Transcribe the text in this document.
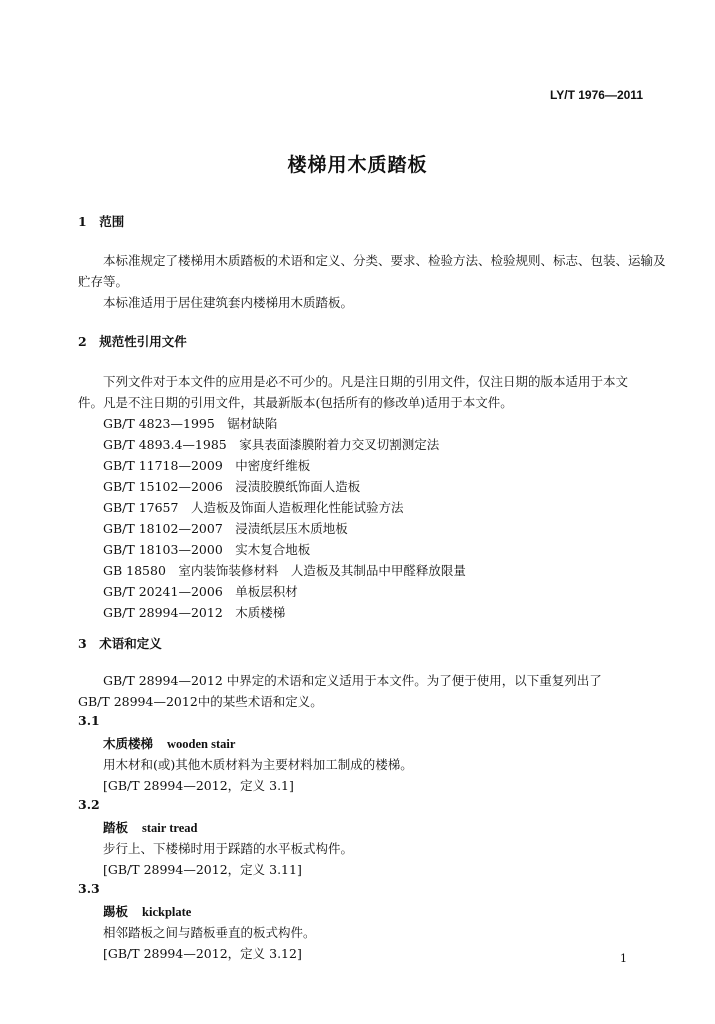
LY/T 1976—2011
楼梯用木质踏板
1　范围
本标准规定了楼梯用木质踏板的术语和定义、分类、要求、检验方法、检验规则、标志、包装、运输及
贮存等。
本标准适用于居住建筑套内楼梯用木质踏板。
2　规范性引用文件
下列文件对于本文件的应用是必不可少的。凡是注日期的引用文件，仅注日期的版本适用于本文
件。凡是不注日期的引用文件，其最新版本(包括所有的修改单)适用于本文件。
GB/T 4823—1995　锯材缺陷
GB/T 4893.4—1985　家具表面漆膜附着力交叉切割测定法
GB/T 11718—2009　中密度纤维板
GB/T 15102—2006　浸渍胶膜纸饰面人造板
GB/T 17657　人造板及饰面人造板理化性能试验方法
GB/T 18102—2007　浸渍纸层压木质地板
GB/T 18103—2000　实木复合地板
GB 18580　室内装饰装修材料　人造板及其制品中甲醛释放限量
GB/T 20241—2006　单板层积材
GB/T 28994—2012　木质楼梯
3　术语和定义
GB/T 28994—2012 中界定的术语和定义适用于本文件。为了便于使用，以下重复列出了
GB/T 28994—2012中的某些术语和定义。
3.1
木质楼梯 wooden stair
用木材和(或)其他木质材料为主要材料加工制成的楼梯。
[GB/T 28994—2012，定义 3.1]
3.2
踏板 stair tread
步行上、下楼梯时用于踩踏的水平板式构件。
[GB/T 28994—2012，定义 3.11]
3.3
踢板 kickplate
相邻踏板之间与踏板垂直的板式构件。
[GB/T 28994—2012，定义 3.12]	1
